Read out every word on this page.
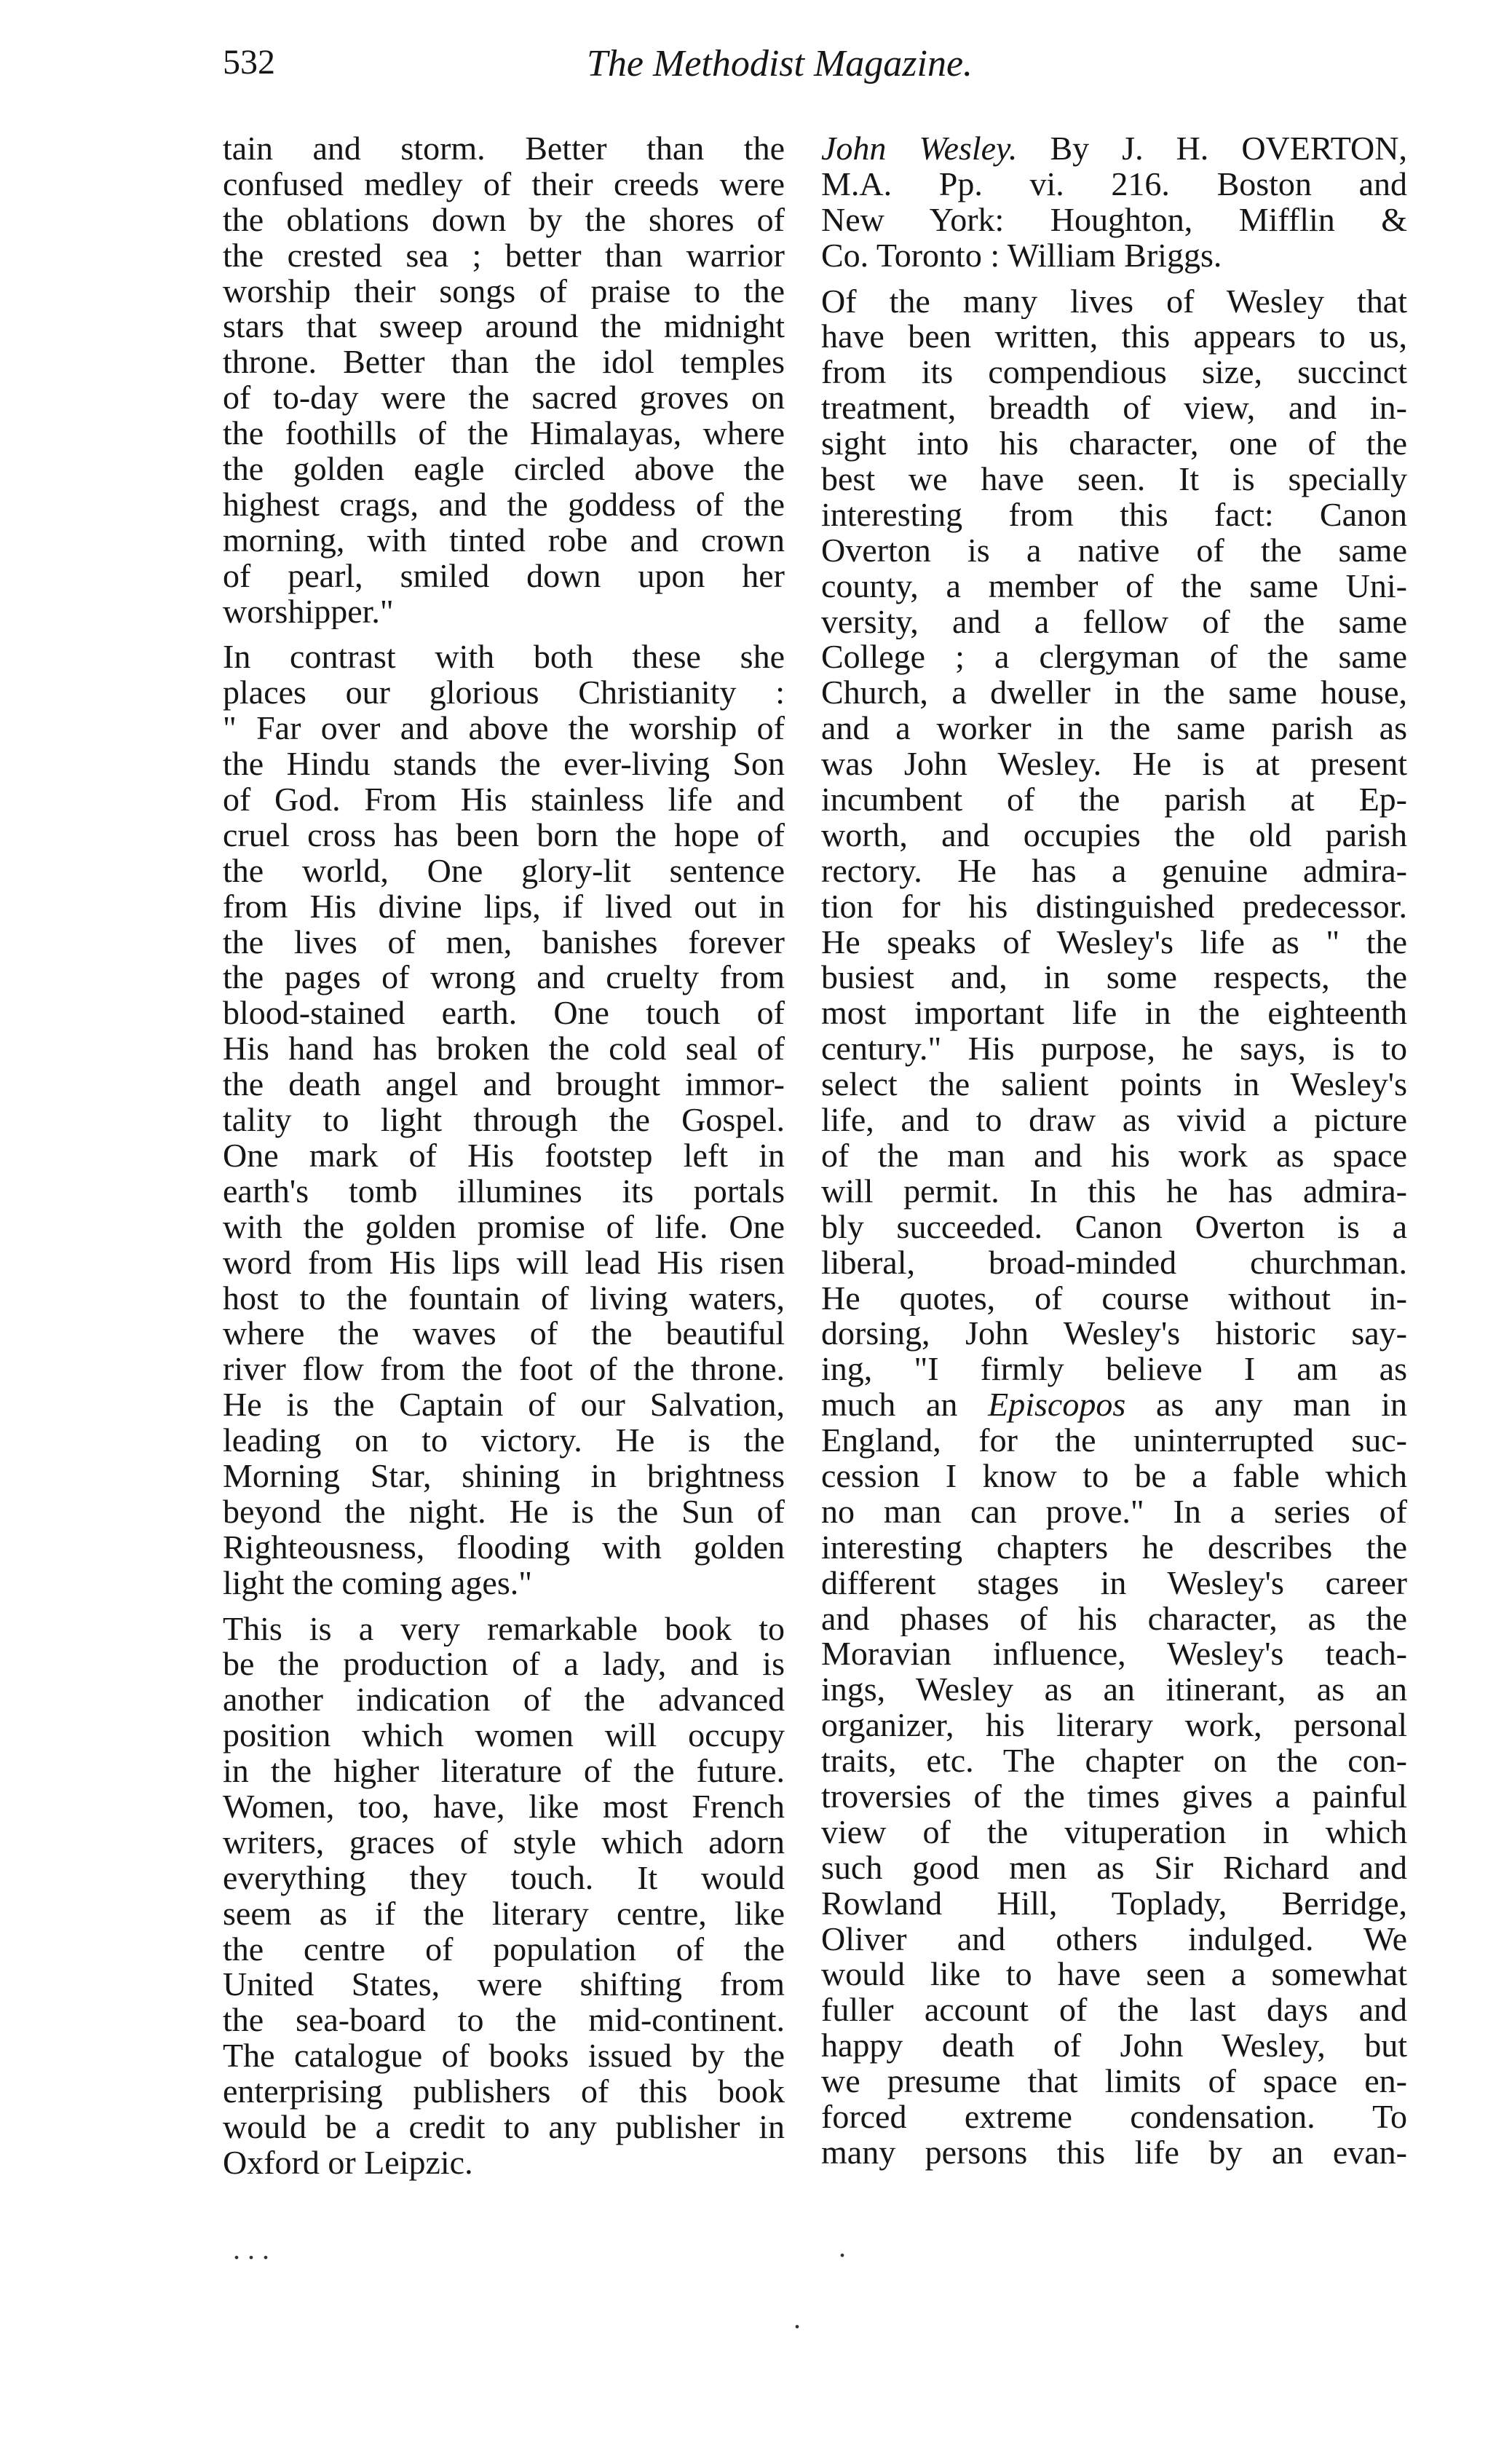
532	The Methodist Magazine.
tain and storm. Better than the
confused medley of their creeds were
the oblations down by the shores of
the crested sea ; better than warrior
worship their songs of praise to the
stars that sweep around the midnight
throne. Better than the idol temples
of to-day were the sacred groves on
the foothills of the Himalayas, where
the golden eagle circled above the
highest crags, and the goddess of the
morning, with tinted robe and crown
of pearl, smiled down upon her
worshipper."
In contrast with both these she
places our glorious Christianity :
" Far over and above the worship of
the Hindu stands the ever-living Son
of God. From His stainless life and
cruel cross has been born the hope of
the world, One glory-lit sentence
from His divine lips, if lived out in
the lives of men, banishes forever
the pages of wrong and cruelty from
blood-stained earth. One touch of
His hand has broken the cold seal of
the death angel and brought immor-
tality to light through the Gospel.
One mark of His footstep left in
earth's tomb illumines its portals
with the golden promise of life. One
word from His lips will lead His risen
host to the fountain of living waters,
where the waves of the beautiful
river flow from the foot of the throne.
He is the Captain of our Salvation,
leading on to victory. He is the
Morning Star, shining in brightness
beyond the night. He is the Sun of
Righteousness, flooding with golden
light the coming ages."
This is a very remarkable book to
be the production of a lady, and is
another indication of the advanced
position which women will occupy
in the higher literature of the future.
Women, too, have, like most French
writers, graces of style which adorn
everything they touch. It would
seem as if the literary centre, like
the centre of population of the
United States, were shifting from
the sea-board to the mid-continent.
The catalogue of books issued by the
enterprising publishers of this book
would be a credit to any publisher in
Oxford or Leipzic.
John Wesley. By J. H. OVERTON,
M.A. Pp. vi. 216. Boston and
New York: Houghton, Mifflin &
Co. Toronto : William Briggs.
Of the many lives of Wesley that
have been written, this appears to us,
from its compendious size, succinct
treatment, breadth of view, and in-
sight into his character, one of the
best we have seen. It is specially
interesting from this fact: Canon
Overton is a native of the same
county, a member of the same Uni-
versity, and a fellow of the same
College ; a clergyman of the same
Church, a dweller in the same house,
and a worker in the same parish as
was John Wesley. He is at present
incumbent of the parish at Ep-
worth, and occupies the old parish
rectory. He has a genuine admira-
tion for his distinguished predecessor.
He speaks of Wesley's life as " the
busiest and, in some respects, the
most important life in the eighteenth
century." His purpose, he says, is to
select the salient points in Wesley's
life, and to draw as vivid a picture
of the man and his work as space
will permit. In this he has admira-
bly succeeded. Canon Overton is a
liberal, broad-minded churchman.
He quotes, of course without in-
dorsing, John Wesley's historic say-
ing, "I firmly believe I am as
much an Episcopos as any man in
England, for the uninterrupted suc-
cession I know to be a fable which
no man can prove." In a series of
interesting chapters he describes the
different stages in Wesley's career
and phases of his character, as the
Moravian influence, Wesley's teach-
ings, Wesley as an itinerant, as an
organizer, his literary work, personal
traits, etc. The chapter on the con-
troversies of the times gives a painful
view of the vituperation in which
such good men as Sir Richard and
Rowland Hill, Toplady, Berridge,
Oliver and others indulged. We
would like to have seen a somewhat
fuller account of the last days and
happy death of John Wesley, but
we presume that limits of space en-
forced extreme condensation. To
many persons this life by an evan-
. . .
.
.
